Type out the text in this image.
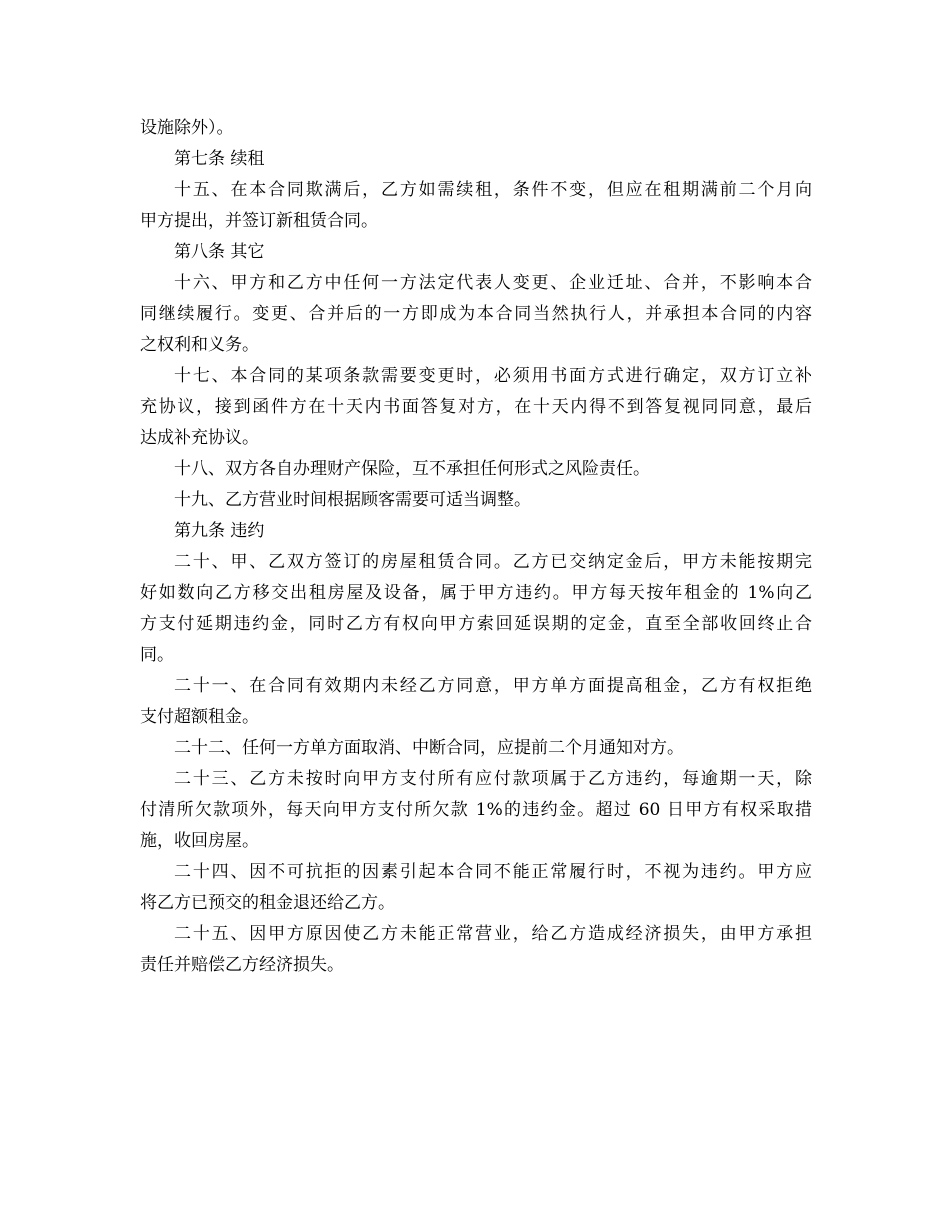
设施除外）。
第七条 续租
十五、在本合同欺满后，乙方如需续租，条件不变，但应在租期满前二个月向
甲方提出，并签订新租赁合同。
第八条 其它
十六、甲方和乙方中任何一方法定代表人变更、企业迁址、合并，不影响本合
同继续履行。变更、合并后的一方即成为本合同当然执行人，并承担本合同的内容
之权利和义务。
十七、本合同的某项条款需要变更时，必须用书面方式进行确定，双方订立补
充协议，接到函件方在十天内书面答复对方，在十天内得不到答复视同同意，最后
达成补充协议。
十八、双方各自办理财产保险，互不承担任何形式之风险责任。
十九、乙方营业时间根据顾客需要可适当调整。
第九条 违约
二十、甲、乙双方签订的房屋租赁合同。乙方已交纳定金后，甲方未能按期完
好如数向乙方移交出租房屋及设备，属于甲方违约。甲方每天按年租金的 1%向乙
方支付延期违约金，同时乙方有权向甲方索回延误期的定金，直至全部收回终止合
同。
二十一、在合同有效期内未经乙方同意，甲方单方面提高租金，乙方有权拒绝
支付超额租金。
二十二、任何一方单方面取消、中断合同，应提前二个月通知对方。
二十三、乙方未按时向甲方支付所有应付款项属于乙方违约，每逾期一天，除
付清所欠款项外，每天向甲方支付所欠款 1%的违约金。超过 60 日甲方有权采取措
施，收回房屋。
二十四、因不可抗拒的因素引起本合同不能正常履行时，不视为违约。甲方应
将乙方已预交的租金退还给乙方。
二十五、因甲方原因使乙方未能正常营业，给乙方造成经济损失，由甲方承担
责任并赔偿乙方经济损失。
